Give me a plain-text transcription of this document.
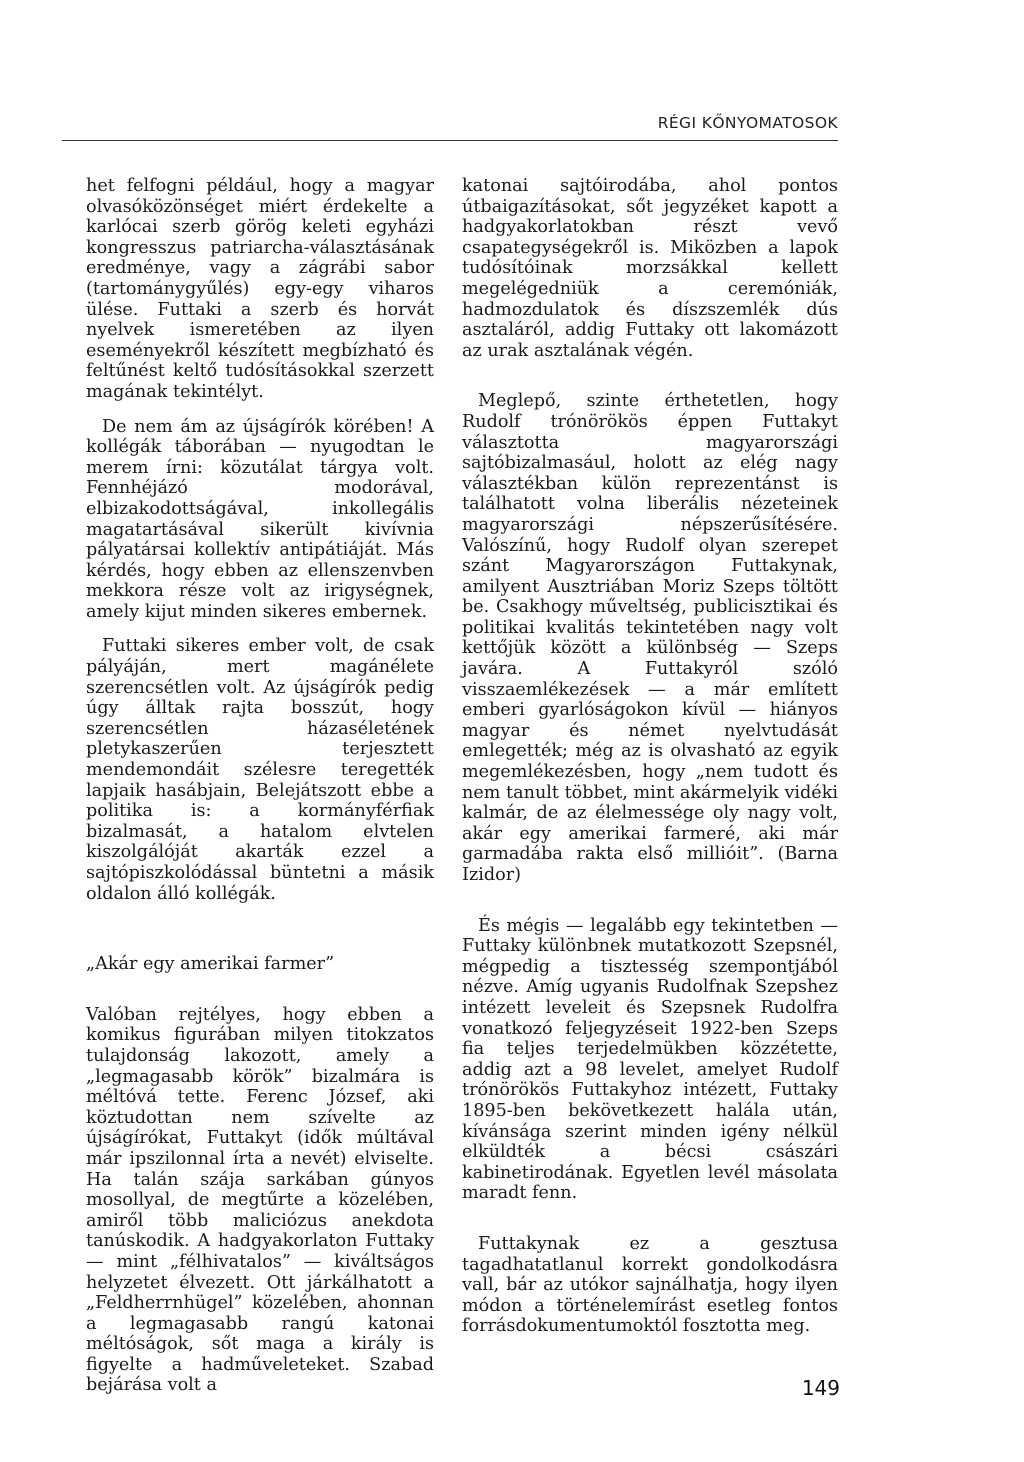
RÉGI KŐNYOMATOSOK

het felfogni például, hogy a magyar olvasóközönséget miért érdekelte a karlócai szerb görög keleti egyházi kongresszus patriarcha-választásának eredménye, vagy a zágrábi sabor (tartománygyűlés) egy-egy viharos ülése. Futtaki a szerb és horvát nyelvek ismeretében az ilyen eseményekről készített megbízható és feltűnést keltő tudósításokkal szerzett magának tekintélyt.

De nem ám az újságírók körében! A kollégák táborában — nyugodtan le merem írni: közutálat tárgya volt. Fennhéjázó modorával, elbizakodottságával, inkollegális magatartásával sikerült kivívnia pályatársai kollektív antipátiáját. Más kérdés, hogy ebben az ellenszenvben mekkora része volt az irigységnek, amely kijut minden sikeres embernek.

Futtaki sikeres ember volt, de csak pályáján, mert magánélete szerencsétlen volt. Az újságírók pedig úgy álltak rajta bosszút, hogy szerencsétlen házaséletének pletykaszerűen terjesztett mendemondáit szélesre teregették lapjaik hasábjain, Belejátszott ebbe a politika is: a kormányférfiak bizalmasát, a hatalom elvtelen kiszolgálóját akarták ezzel a sajtópiszkolódással büntetni a másik oldalon álló kollégák.

„Akár egy amerikai farmer”

Valóban rejtélyes, hogy ebben a komikus figurában milyen titokzatos tulajdonság lakozott, amely a „legmagasabb körök” bizalmára is méltóvá tette. Ferenc József, aki köztudottan nem szívelte az újságírókat, Futtakyt (idők múltával már ipszilonnal írta a nevét) elviselte. Ha talán szája sarkában gúnyos mosollyal, de megtűrte a közelében, amiről több maliciózus anekdota tanúskodik. A hadgyakorlaton Futtaky — mint „félhivatalos” — kiváltságos helyzetet élvezett. Ott járkálhatott a „Feldherrnhügel” közelében, ahonnan a legmagasabb rangú katonai méltóságok, sőt maga a király is figyelte a hadműveleteket. Szabad bejárása volt a

katonai sajtóirodába, ahol pontos útbaigazításokat, sőt jegyzéket kapott a hadgyakorlatokban részt vevő csapategységekről is. Miközben a lapok tudósítóinak morzsákkal kellett megelégedniük a ceremóniák, hadmozdulatok és díszszemlék dús asztaláról, addig Futtaky ott lakomázott az urak asztalának végén.

Meglepő, szinte érthetetlen, hogy Rudolf trónörökös éppen Futtakyt választotta magyarországi sajtóbizalmasául, holott az elég nagy választékban külön reprezentánst is találhatott volna liberális nézeteinek magyarországi népszerűsítésére. Valószínű, hogy Rudolf olyan szerepet szánt Magyarországon Futtakynak, amilyent Ausztriában Moriz Szeps töltött be. Csakhogy műveltség, publicisztikai és politikai kvalitás tekintetében nagy volt kettőjük között a különbség — Szeps javára. A Futtakyról szóló visszaemlékezések — a már említett emberi gyarlóságokon kívül — hiányos magyar és német nyelvtudását emlegették; még az is olvasható az egyik megemlékezésben, hogy „nem tudott és nem tanult többet, mint akármelyik vidéki kalmár, de az élelmessége oly nagy volt, akár egy amerikai farmeré, aki már garmadába rakta első millióit”. (Barna Izidor)

És mégis — legalább egy tekintetben — Futtaky különbnek mutatkozott Szepsnél, mégpedig a tisztesség szempontjából nézve. Amíg ugyanis Rudolfnak Szepshez intézett leveleit és Szepsnek Rudolfra vonatkozó feljegyzéseit 1922-ben Szeps fia teljes terjedelmükben közzétette, addig azt a 98 levelet, amelyet Rudolf trónörökös Futtakyhoz intézett, Futtaky 1895-ben bekövetkezett halála után, kívánsága szerint minden igény nélkül elküldték a bécsi császári kabinetirodának. Egyetlen levél másolata maradt fenn.

Futtakynak ez a gesztusa tagadhatatlanul korrekt gondolkodásra vall, bár az utókor sajnálhatja, hogy ilyen módon a történelemírást esetleg fontos forrásdokumentumoktól fosztotta meg.

149
